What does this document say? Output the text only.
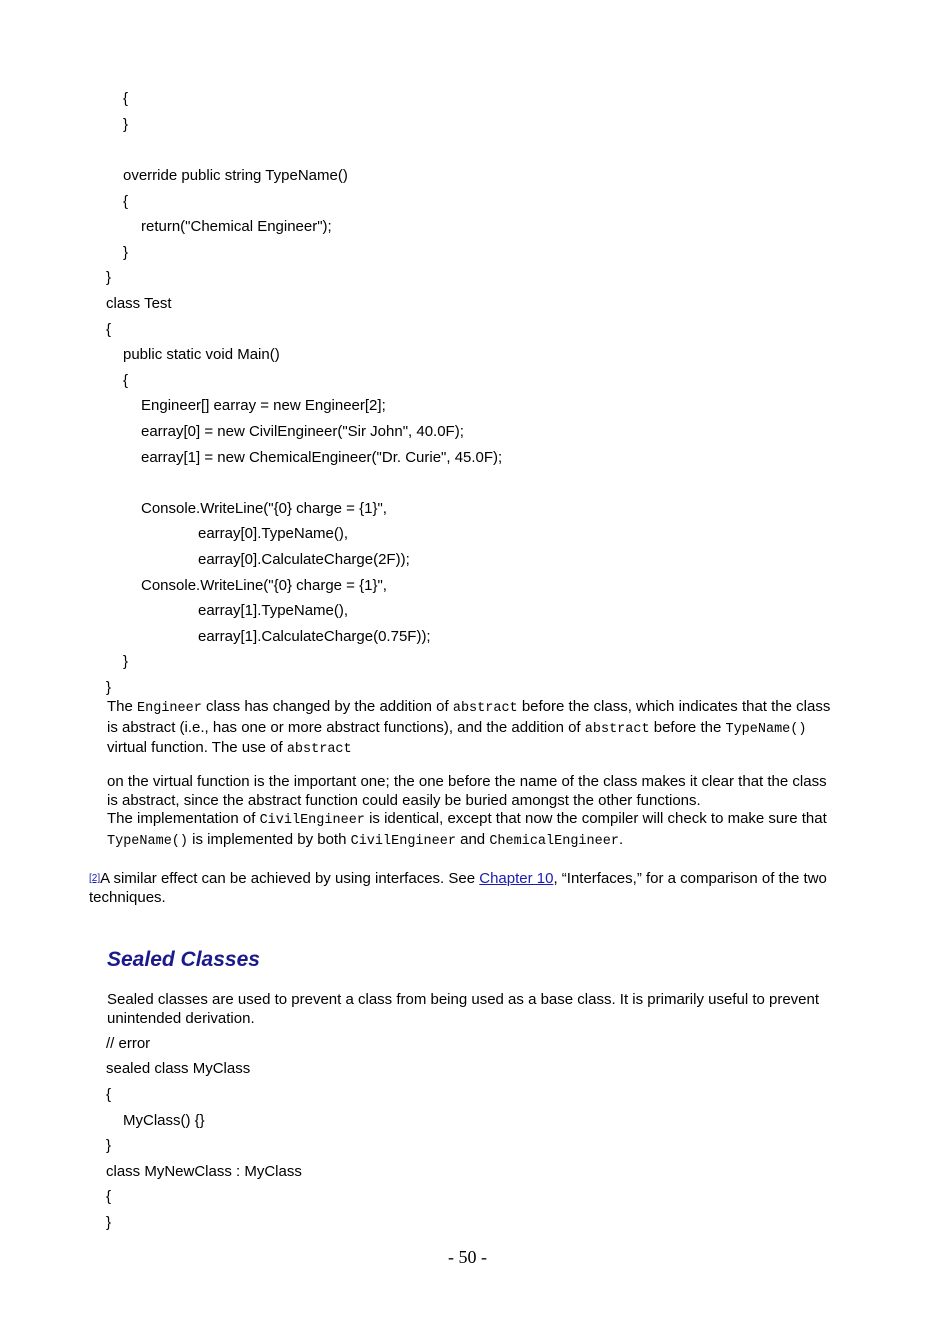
{
}
override public string TypeName()
{
return("Chemical Engineer");
}
}
class Test
{
public static void Main()
{
Engineer[] earray = new Engineer[2];
earray[0] = new CivilEngineer("Sir John", 40.0F);
earray[1] = new ChemicalEngineer("Dr. Curie", 45.0F);
Console.WriteLine("{0} charge = {1}",
earray[0].TypeName(),
earray[0].CalculateCharge(2F));
Console.WriteLine("{0} charge = {1}",
earray[1].TypeName(),
earray[1].CalculateCharge(0.75F));
}
}
The Engineer class has changed by the addition of abstract before the class, which indicates that the class is abstract (i.e., has one or more abstract functions), and the addition of abstract before the TypeName() virtual function. The use of abstract
on the virtual function is the important one; the one before the name of the class makes it clear that the class is abstract, since the abstract function could easily be buried amongst the other functions.
The implementation of CivilEngineer is identical, except that now the compiler will check to make sure that TypeName() is implemented by both CivilEngineer and ChemicalEngineer.
[2]A similar effect can be achieved by using interfaces. See Chapter 10, “Interfaces,” for a comparison of the two techniques.
Sealed Classes
Sealed classes are used to prevent a class from being used as a base class. It is primarily useful to prevent unintended derivation.
// error
sealed class MyClass
{
MyClass() {}
}
class MyNewClass : MyClass
{
}
- 50 -
